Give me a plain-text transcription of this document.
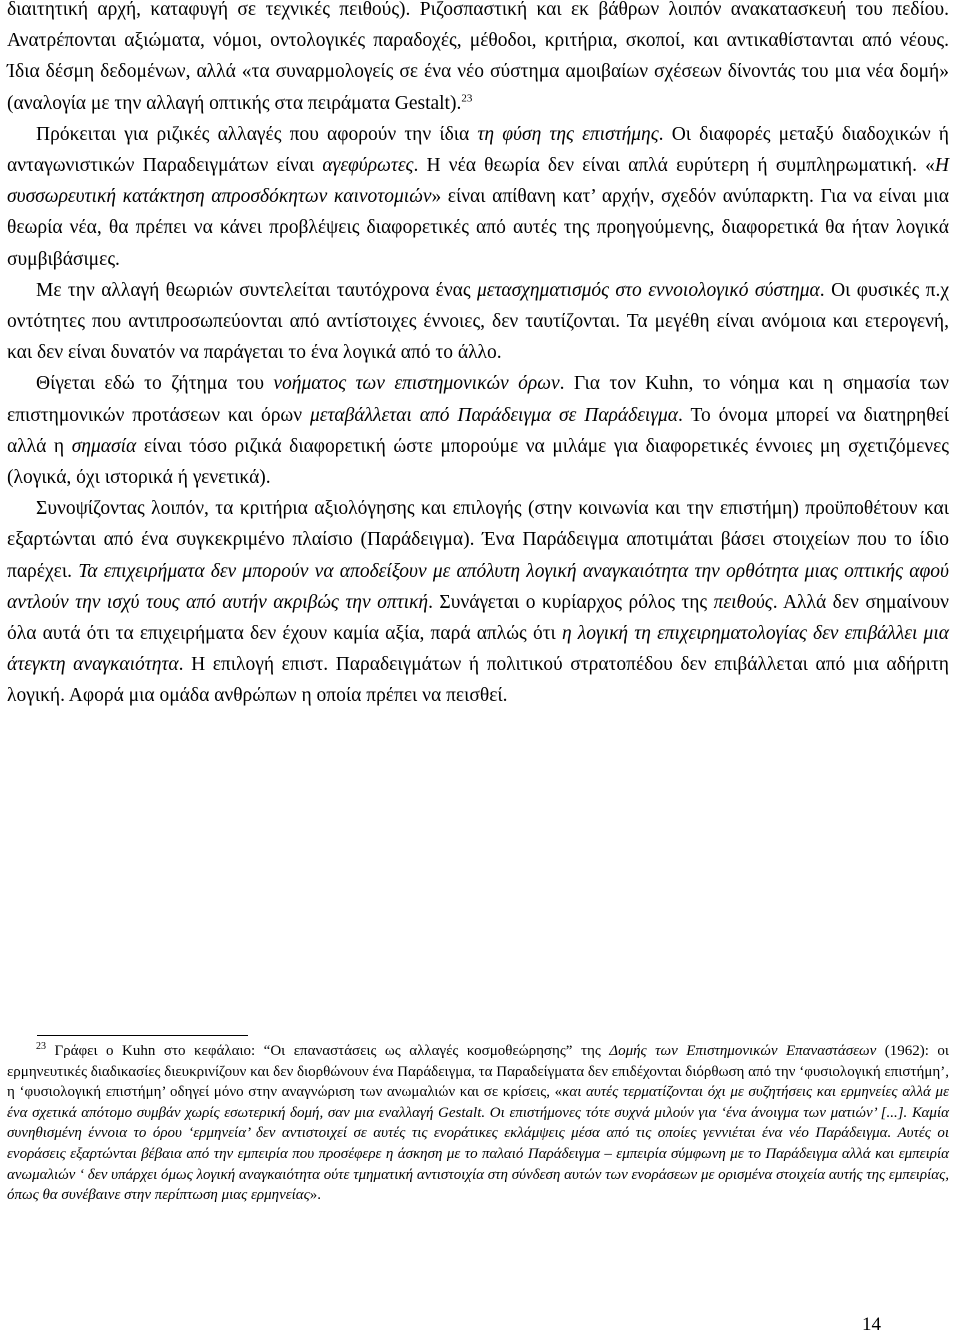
διαιτητική αρχή, καταφυγή σε τεχνικές πειθούς). Ριζοσπαστική και εκ βάθρων λοιπόν ανακατασκευή του πεδίου. Ανατρέπονται αξιώματα, νόμοι, οντολογικές παραδοχές, μέθοδοι, κριτήρια, σκοποί, και αντικαθίστανται από νέους. Ίδια δέσμη δεδομένων, αλλά «τα συναρμολογείς σε ένα νέο σύστημα αμοιβαίων σχέσεων δίνοντάς του μια νέα δομή» (αναλογία με την αλλαγή οπτικής στα πειράματα Gestalt).$^{23}$

Πρόκειται για ριζικές αλλαγές που αφορούν την ίδια τη φύση της επιστήμης. Οι διαφορές μεταξύ διαδοχικών ή ανταγωνιστικών Παραδειγμάτων είναι αγεφύρωτες. Η νέα θεωρία δεν είναι απλά ευρύτερη ή συμπληρωματική. «Η συσσωρευτική κατάκτηση απροσδόκητων καινοτομιών» είναι απίθανη κατ’ αρχήν, σχεδόν ανύπαρκτη. Για να είναι μια θεωρία νέα, θα πρέπει να κάνει προβλέψεις διαφορετικές από αυτές της προηγούμενης, διαφορετικά θα ήταν λογικά συμβιβάσιμες.

Με την αλλαγή θεωριών συντελείται ταυτόχρονα ένας μετασχηματισμός στο εννοιολογικό σύστημα. Οι φυσικές π.χ οντότητες που αντιπροσωπεύονται από αντίστοιχες έννοιες, δεν ταυτίζονται. Τα μεγέθη είναι ανόμοια και ετερογενή, και δεν είναι δυνατόν να παράγεται το ένα λογικά από το άλλο.

Θίγεται εδώ το ζήτημα του νοήματος των επιστημονικών όρων. Για τον Kuhn, το νόημα και η σημασία των επιστημονικών προτάσεων και όρων μεταβάλλεται από Παράδειγμα σε Παράδειγμα. Το όνομα μπορεί να διατηρηθεί αλλά η σημασία είναι τόσο ριζικά διαφορετική ώστε μπορούμε να μιλάμε για διαφορετικές έννοιες μη σχετιζόμενες (λογικά, όχι ιστορικά ή γενετικά).

Συνοψίζοντας λοιπόν, τα κριτήρια αξιολόγησης και επιλογής (στην κοινωνία και την επιστήμη) προϋποθέτουν και εξαρτώνται από ένα συγκεκριμένο πλαίσιο (Παράδειγμα). Ένα Παράδειγμα αποτιμάται βάσει στοιχείων που το ίδιο παρέχει. Τα επιχειρήματα δεν μπορούν να αποδείξουν με απόλυτη λογική αναγκαιότητα την ορθότητα μιας οπτικής αφού αντλούν την ισχύ τους από αυτήν ακριβώς την οπτική. Συνάγεται ο κυρίαρχος ρόλος της πειθούς. Αλλά δεν σημαίνουν όλα αυτά ότι τα επιχειρήματα δεν έχουν καμία αξία, παρά απλώς ότι η λογική τη επιχειρηματολογίας δεν επιβάλλει μια άτεγκτη αναγκαιότητα. Η επιλογή επιστ. Παραδειγμάτων ή πολιτικού στρατοπέδου δεν επιβάλλεται από μια αδήριτη λογική. Αφορά μια ομάδα ανθρώπων η οποία πρέπει να πεισθεί.

$^{23}$ Γράφει ο Kuhn στο κεφάλαιο: “Οι επαναστάσεις ως αλλαγές κοσμοθεώρησης” της Δομής των Επιστημονικών Επαναστάσεων (1962): οι ερμηνευτικές διαδικασίες διευκρινίζουν και δεν διορθώνουν ένα Παράδειγμα, τα Παραδείγματα δεν επιδέχονται διόρθωση από την ‘φυσιολογική επιστήμη’, η ‘φυσιολογική επιστήμη’ οδηγεί μόνο στην αναγνώριση των ανωμαλιών και σε κρίσεις, «και αυτές τερματίζονται όχι με συζητήσεις και ερμηνείες αλλά με ένα σχετικά απότομο συμβάν χωρίς εσωτερική δομή, σαν μια εναλλαγή Gestalt. Οι επιστήμονες τότε συχνά μιλούν για ‘ένα άνοιγμα των ματιών’ [...]. Καμία συνηθισμένη έννοια το όρου ‘ερμηνεία’ δεν αντιστοιχεί σε αυτές τις ενοράτικες εκλάμψεις μέσα από τις οποίες γεννιέται ένα νέο Παράδειγμα. Αυτές οι ενοράσεις εξαρτώνται βέβαια από την εμπειρία που προσέφερε η άσκηση με το παλαιό Παράδειγμα – εμπειρία σύμφωνη με το Παράδειγμα αλλά και εμπειρία ανωμαλιών ‘ δεν υπάρχει όμως λογική αναγκαιότητα ούτε τμηματική αντιστοιχία στη σύνδεση αυτών των ενοράσεων με ορισμένα στοιχεία αυτής της εμπειρίας, όπως θα συνέβαινε στην περίπτωση μιας ερμηνείας».

14
